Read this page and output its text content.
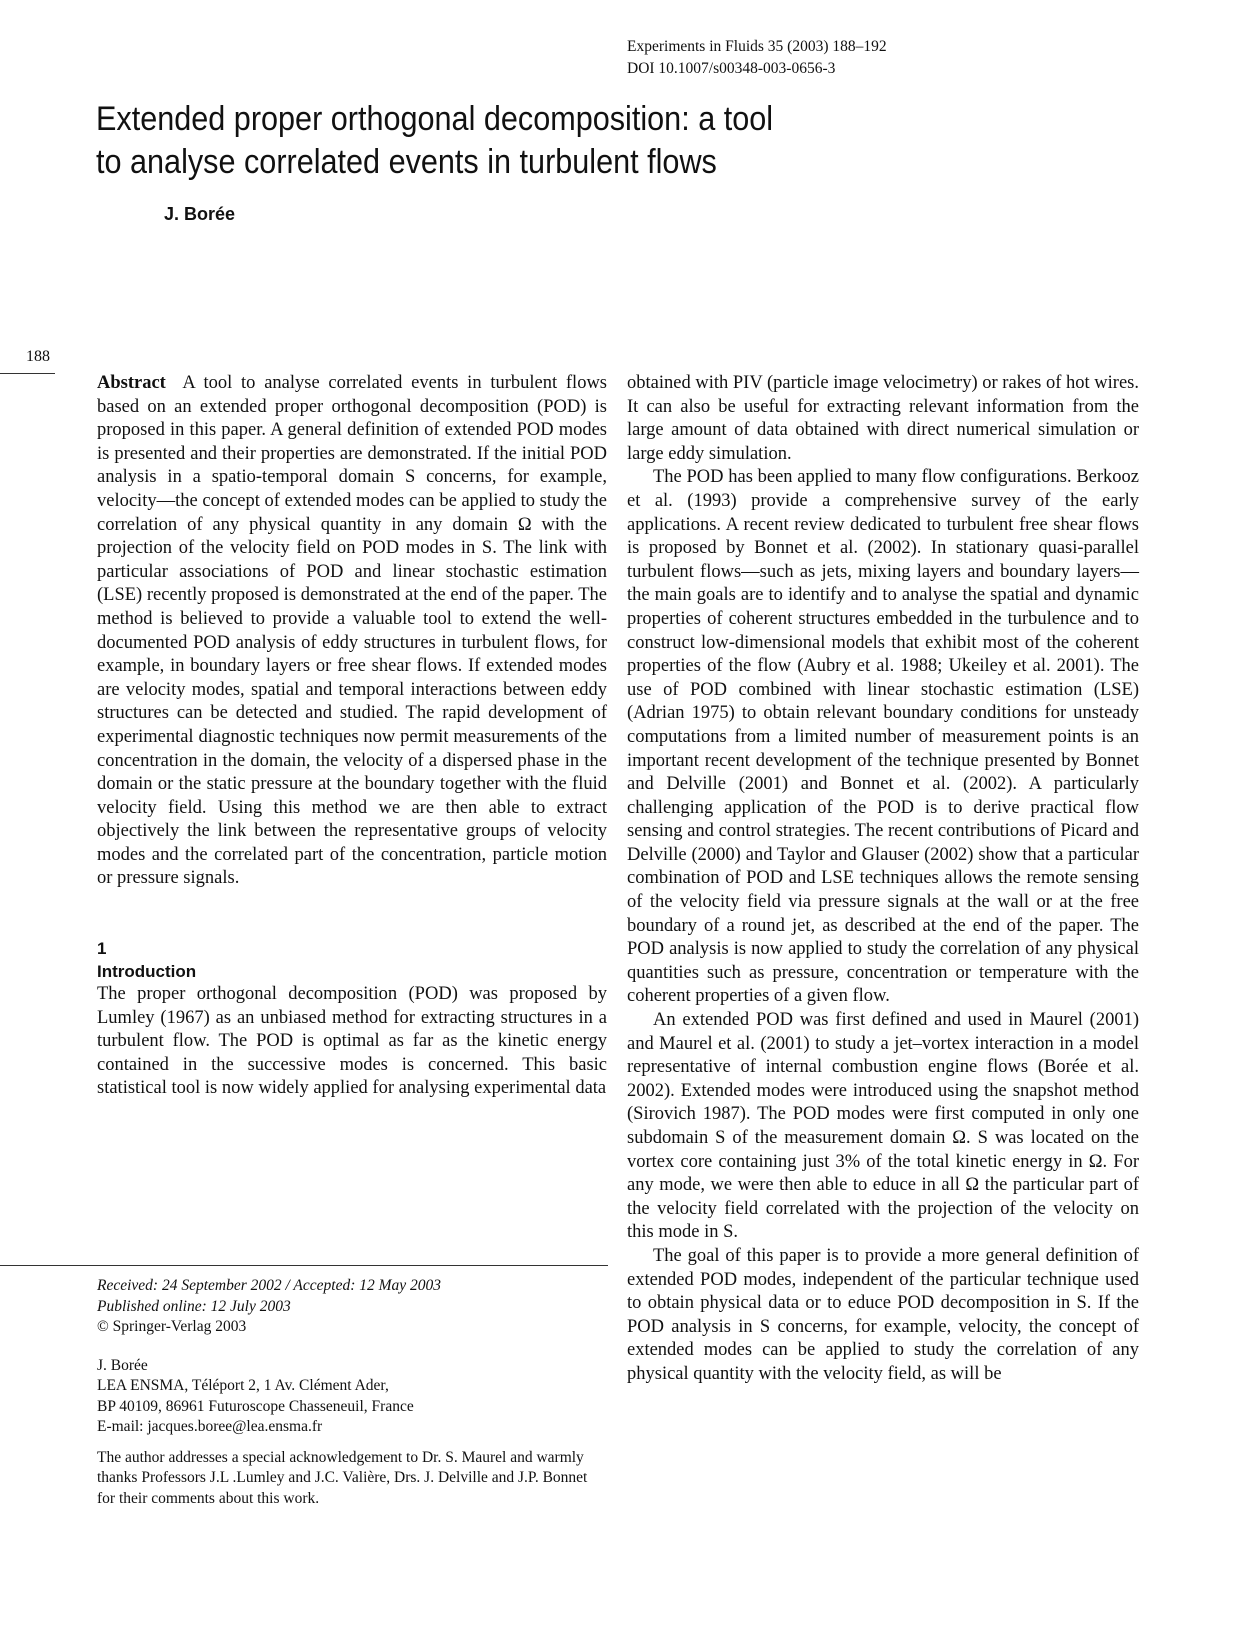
Experiments in Fluids 35 (2003) 188–192
DOI 10.1007/s00348-003-0656-3
Extended proper orthogonal decomposition: a tool
to analyse correlated events in turbulent flows
J. Borée
188

Abstract A tool to analyse correlated events in turbulent flows based on an extended proper orthogonal decomposition (POD) is proposed in this paper. A general definition of extended POD modes is presented and their properties are demonstrated. If the initial POD analysis in a spatio-temporal domain S concerns, for example, velocity—the concept of extended modes can be applied to study the correlation of any physical quantity in any domain Ω with the projection of the velocity field on POD modes in S. The link with particular associations of POD and linear stochastic estimation (LSE) recently proposed is demonstrated at the end of the paper. The method is believed to provide a valuable tool to extend the well-documented POD analysis of eddy structures in turbulent flows, for example, in boundary layers or free shear flows. If extended modes are velocity modes, spatial and temporal interactions between eddy structures can be detected and studied. The rapid development of experimental diagnostic techniques now permit measurements of the concentration in the domain, the velocity of a dispersed phase in the domain or the static pressure at the boundary together with the fluid velocity field. Using this method we are then able to extract objectively the link between the representative groups of velocity modes and the correlated part of the concentration, particle motion or pressure signals.

1
Introduction

The proper orthogonal decomposition (POD) was proposed by Lumley (1967) as an unbiased method for extracting structures in a turbulent flow. The POD is optimal as far as the kinetic energy contained in the successive modes is concerned. This basic statistical tool is now widely applied for analysing experimental data

obtained with PIV (particle image velocimetry) or rakes of hot wires. It can also be useful for extracting relevant information from the large amount of data obtained with direct numerical simulation or large eddy simulation.

The POD has been applied to many flow configurations. Berkooz et al. (1993) provide a comprehensive survey of the early applications. A recent review dedicated to turbulent free shear flows is proposed by Bonnet et al. (2002). In stationary quasi-parallel turbulent flows—such as jets, mixing layers and boundary layers—the main goals are to identify and to analyse the spatial and dynamic properties of coherent structures embedded in the turbulence and to construct low-dimensional models that exhibit most of the coherent properties of the flow (Aubry et al. 1988; Ukeiley et al. 2001). The use of POD combined with linear stochastic estimation (LSE) (Adrian 1975) to obtain relevant boundary conditions for unsteady computations from a limited number of measurement points is an important recent development of the technique presented by Bonnet and Delville (2001) and Bonnet et al. (2002). A particularly challenging application of the POD is to derive practical flow sensing and control strategies. The recent contributions of Picard and Delville (2000) and Taylor and Glauser (2002) show that a particular combination of POD and LSE techniques allows the remote sensing of the velocity field via pressure signals at the wall or at the free boundary of a round jet, as described at the end of the paper. The POD analysis is now applied to study the correlation of any physical quantities such as pressure, concentration or temperature with the coherent properties of a given flow.

An extended POD was first defined and used in Maurel (2001) and Maurel et al. (2001) to study a jet–vortex interaction in a model representative of internal combustion engine flows (Borée et al. 2002). Extended modes were introduced using the snapshot method (Sirovich 1987). The POD modes were first computed in only one subdomain S of the measurement domain Ω. S was located on the vortex core containing just 3% of the total kinetic energy in Ω. For any mode, we were then able to educe in all Ω the particular part of the velocity field correlated with the projection of the velocity on this mode in S.

The goal of this paper is to provide a more general definition of extended POD modes, independent of the particular technique used to obtain physical data or to educe POD decomposition in S. If the POD analysis in S concerns, for example, velocity, the concept of extended modes can be applied to study the correlation of any physical quantity with the velocity field, as will be

Received: 24 September 2002 / Accepted: 12 May 2003
Published online: 12 July 2003
© Springer-Verlag 2003
J. Borée
LEA ENSMA, Téléport 2, 1 Av. Clément Ader,
BP 40109, 86961 Futuroscope Chasseneuil, France
E-mail: jacques.boree@lea.ensma.fr

The author addresses a special acknowledgement to Dr. S. Maurel and warmly thanks Professors J.L .Lumley and J.C. Valière, Drs. J. Delville and J.P. Bonnet for their comments about this work.
